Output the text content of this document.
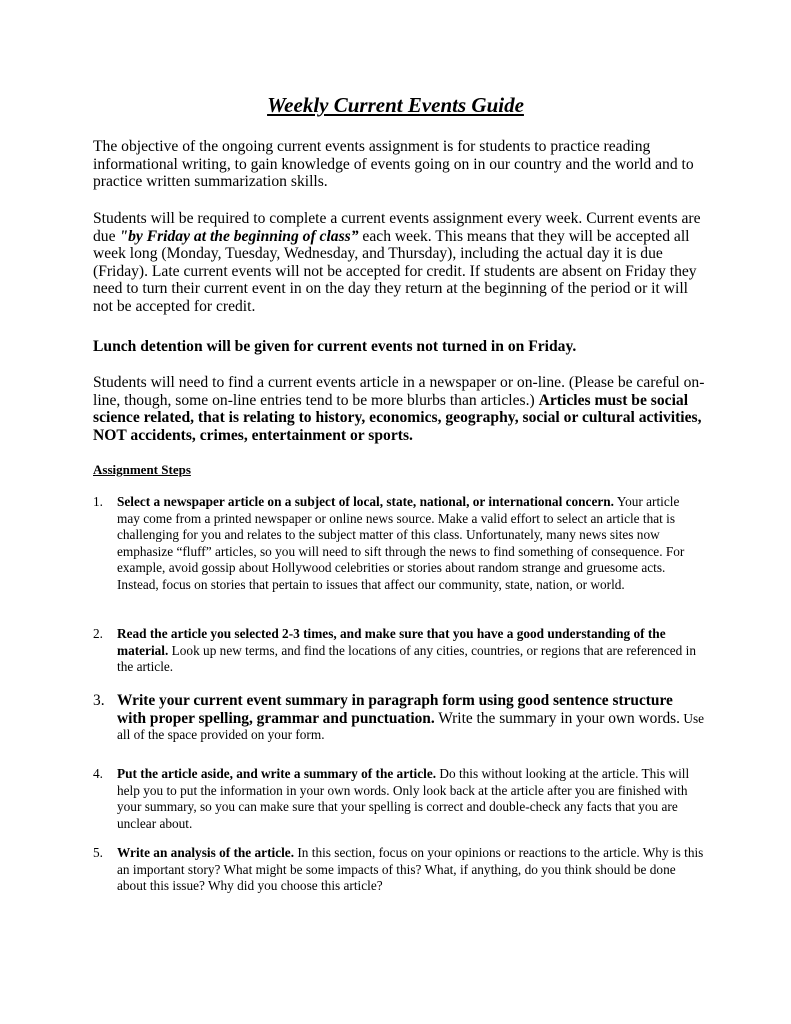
Weekly Current Events Guide
The objective of the ongoing current events assignment is for students to practice reading informational writing, to gain knowledge of events going on in our country and the world and to practice written summarization skills.
Students will be required to complete a current events assignment every week. Current events are due "by Friday at the beginning of class” each week. This means that they will be accepted all week long (Monday, Tuesday, Wednesday, and Thursday), including the actual day it is due (Friday). Late current events will not be accepted for credit. If students are absent on Friday they need to turn their current event in on the day they return at the beginning of the period or it will not be accepted for credit.
Lunch detention will be given for current events not turned in on Friday.
Students will need to find a current events article in a newspaper or on-line. (Please be careful on-line, though, some on-line entries tend to be more blurbs than articles.) Articles must be social science related, that is relating to history, economics, geography, social or cultural activities, NOT accidents, crimes, entertainment or sports.
Assignment Steps
1. Select a newspaper article on a subject of local, state, national, or international concern. Your article may come from a printed newspaper or online news source. Make a valid effort to select an article that is challenging for you and relates to the subject matter of this class. Unfortunately, many news sites now emphasize “fluff” articles, so you will need to sift through the news to find something of consequence. For example, avoid gossip about Hollywood celebrities or stories about random strange and gruesome acts. Instead, focus on stories that pertain to issues that affect our community, state, nation, or world.
2. Read the article you selected 2-3 times, and make sure that you have a good understanding of the material. Look up new terms, and find the locations of any cities, countries, or regions that are referenced in the article.
3. Write your current event summary in paragraph form using good sentence structure with proper spelling, grammar and punctuation. Write the summary in your own words. Use all of the space provided on your form.
4. Put the article aside, and write a summary of the article. Do this without looking at the article. This will help you to put the information in your own words. Only look back at the article after you are finished with your summary, so you can make sure that your spelling is correct and double-check any facts that you are unclear about.
5. Write an analysis of the article. In this section, focus on your opinions or reactions to the article. Why is this an important story? What might be some impacts of this? What, if anything, do you think should be done about this issue? Why did you choose this article?
